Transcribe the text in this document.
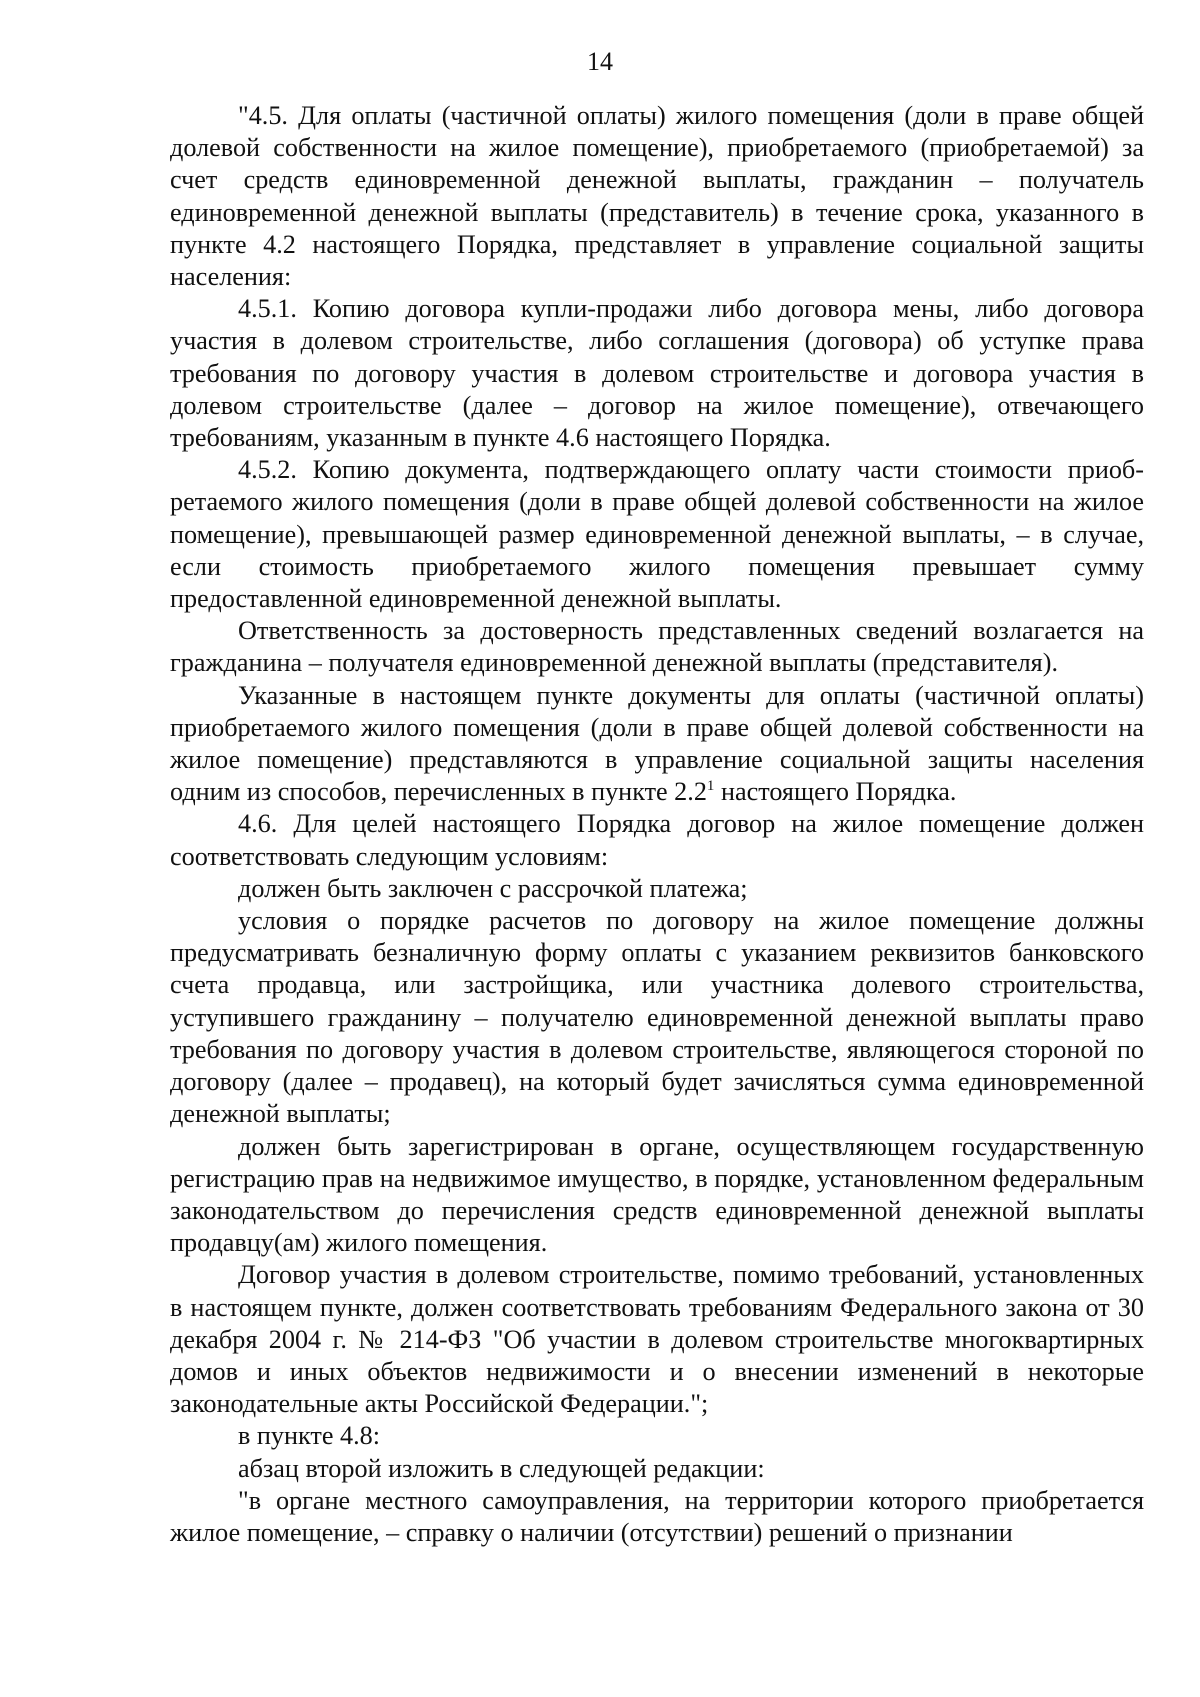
14

"4.5. Для оплаты (частичной оплаты) жилого помещения (доли в праве общей долевой собственности на жилое помещение), приобретаемого (приобретаемой) за счет средств единовременной денежной выплаты, гражданин – получатель единовременной денежной выплаты (представитель) в течение срока, указанного в пункте 4.2 настоящего Порядка, представляет в управление социальной защиты населения:

4.5.1. Копию договора купли-продажи либо договора мены, либо договора участия в долевом строительстве, либо соглашения (договора) об уступке права требования по договору участия в долевом строительстве и договора участия в долевом строительстве (далее – договор на жилое помещение), отвечающего требованиям, указанным в пункте 4.6 настоящего Порядка.

4.5.2. Копию документа, подтверждающего оплату части стоимости приобретаемого жилого помещения (доли в праве общей долевой собственности на жилое помещение), превышающей размер единовременной денежной выплаты, – в случае, если стоимость приобретаемого жилого помещения превышает сумму предоставленной единовременной денежной выплаты.

Ответственность за достоверность представленных сведений возлагается на гражданина – получателя единовременной денежной выплаты (представителя).

Указанные в настоящем пункте документы для оплаты (частичной оплаты) приобретаемого жилого помещения (доли в праве общей долевой собственности на жилое помещение) представляются в управление социальной защиты населения одним из способов, перечисленных в пункте $2.2^1$ настоящего Порядка.

4.6. Для целей настоящего Порядка договор на жилое помещение должен соответствовать следующим условиям:

должен быть заключен с рассрочкой платежа;

условия о порядке расчетов по договору на жилое помещение должны предусматривать безналичную форму оплаты с указанием реквизитов банковского счета продавца, или застройщика, или участника долевого строительства, уступившего гражданину – получателю единовременной денежной выплаты право требования по договору участия в долевом строительстве, являющегося стороной по договору (далее – продавец), на который будет зачисляться сумма единовременной денежной выплаты;

должен быть зарегистрирован в органе, осуществляющем государственную регистрацию прав на недвижимое имущество, в порядке, установленном федеральным законодательством до перечисления средств единовременной денежной выплаты продавцу(ам) жилого помещения.

Договор участия в долевом строительстве, помимо требований, установленных в настоящем пункте, должен соответствовать требованиям Федерального закона от 30 декабря 2004 г. № 214-ФЗ "Об участии в долевом строительстве многоквартирных домов и иных объектов недвижимости и о внесении изменений в некоторые законодательные акты Российской Федерации.";

в пункте 4.8:

абзац второй изложить в следующей редакции:

"в органе местного самоуправления, на территории которого приобретается жилое помещение, – справку о наличии (отсутствии) решений о признании
